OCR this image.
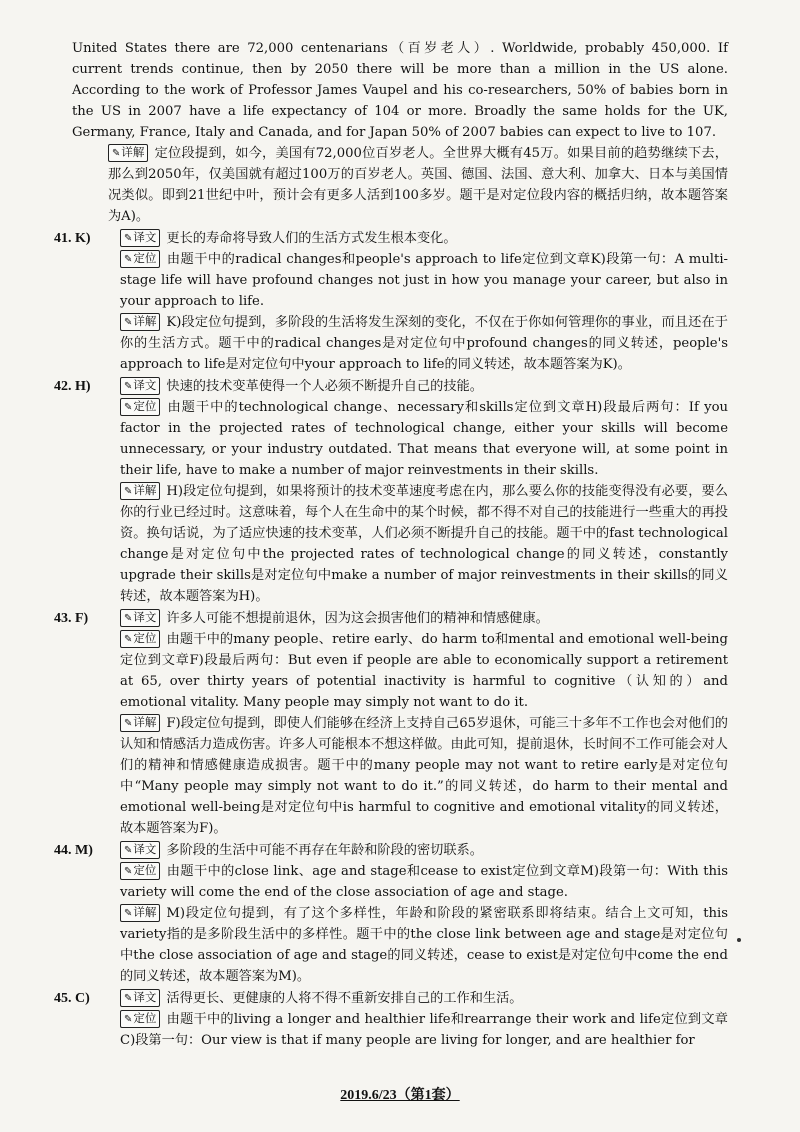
United States there are 72,000 centenarians（百岁老人）. Worldwide, probably 450,000. If current trends continue, then by 2050 there will be more than a million in the US alone. According to the work of Professor James Vaupel and his co-researchers, 50% of babies born in the US in 2007 have a life expectancy of 104 or more. Broadly the same holds for the UK, Germany, France, Italy and Canada, and for Japan 50% of 2007 babies can expect to live to 107.

✎详解 定位段提到，如今，美国有72,000位百岁老人。全世界大概有45万。如果目前的趋势继续下去，那么到2050年，仅美国就有超过100万的百岁老人。英国、德国、法国、意大利、加拿大、日本与美国情况类似。即到21世纪中叶，预计会有更多人活到100多岁。题干是对定位段内容的概括归纳，故本题答案为A)。

41. K)	✎译文 更长的寿命将导致人们的生活方式发生根本变化。

✎定位 由题干中的radical changes和people's approach to life定位到文章K)段第一句：A multi-stage life will have profound changes not just in how you manage your career, but also in your approach to life.

✎详解 K)段定位句提到，多阶段的生活将发生深刻的变化，不仅在于你如何管理你的事业，而且还在于你的生活方式。题干中的radical changes是对定位句中profound changes的同义转述，people's approach to life是对定位句中your approach to life的同义转述，故本题答案为K)。

42. H)	✎译文 快速的技术变革使得一个人必须不断提升自己的技能。

✎定位 由题干中的technological change、necessary和skills定位到文章H)段最后两句：If you factor in the projected rates of technological change, either your skills will become unnecessary, or your industry outdated. That means that everyone will, at some point in their life, have to make a number of major reinvestments in their skills.

✎详解 H)段定位句提到，如果将预计的技术变革速度考虑在内，那么要么你的技能变得没有必要，要么你的行业已经过时。这意味着，每个人在生命中的某个时候，都不得不对自己的技能进行一些重大的再投资。换句话说，为了适应快速的技术变革，人们必须不断提升自己的技能。题干中的fast technological change是对定位句中the projected rates of technological change的同义转述，constantly upgrade their skills是对定位句中make a number of major reinvestments in their skills的同义转述，故本题答案为H)。

43. F)	✎译文 许多人可能不想提前退休，因为这会损害他们的精神和情感健康。

✎定位 由题干中的many people、retire early、do harm to和mental and emotional well-being定位到文章F)段最后两句：But even if people are able to economically support a retirement at 65, over thirty years of potential inactivity is harmful to cognitive（认知的）and emotional vitality. Many people may simply not want to do it.

✎详解 F)段定位句提到，即使人们能够在经济上支持自己65岁退休，可能三十多年不工作也会对他们的认知和情感活力造成伤害。许多人可能根本不想这样做。由此可知，提前退休，长时间不工作可能会对人们的精神和情感健康造成损害。题干中的many people may not want to retire early是对定位句中“Many people may simply not want to do it.”的同义转述，do harm to their mental and emotional well-being是对定位句中is harmful to cognitive and emotional vitality的同义转述，故本题答案为F)。

44. M)	✎译文 多阶段的生活中可能不再存在年龄和阶段的密切联系。

✎定位 由题干中的close link、age and stage和cease to exist定位到文章M)段第一句：With this variety will come the end of the close association of age and stage.

✎详解 M)段定位句提到，有了这个多样性，年龄和阶段的紧密联系即将结束。结合上文可知，this variety指的是多阶段生活中的多样性。题干中的the close link between age and stage是对定位句中the close association of age and stage的同义转述，cease to exist是对定位句中come the end的同义转述，故本题答案为M)。

45. C)	✎译文 活得更长、更健康的人将不得不重新安排自己的工作和生活。

✎定位 由题干中的living a longer and healthier life和rearrange their work and life定位到文章C)段第一句：Our view is that if many people are living for longer, and are healthier for

2019.6/23（第1套）
